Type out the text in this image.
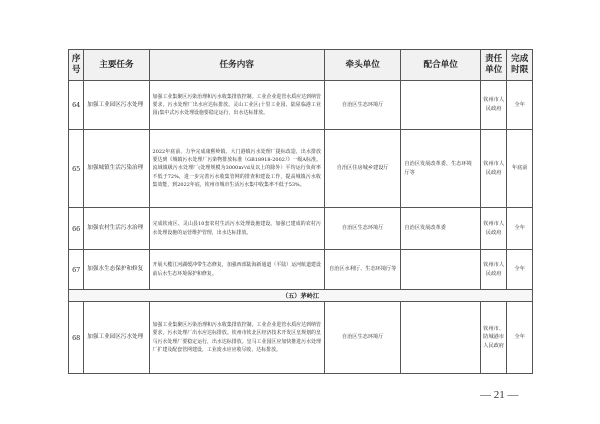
序号	主要任务	任务内容	牵头单位	配合单位	责任单位	完成时限
64	加强工业园区污水处理	加强工业集聚区污染治理和污水收集排放控制。工业企业进管水质应达到纳管要求，污水处理厂出水应达标排放。灵山工业区(十里工业园、陆屋临港工业园)集中式污水处理设施要稳定运行，出水达标排放。	自治区生态环境厅		钦州市人民政府	全年
65	加强城镇生活污染治理	2022年底前，力争完成康熙岭镇、大门港镇污水处理厂提标改造，出水排放要达到《城镇污水处理厂污染物排放标准（GB18918-2002）》一级A标准。流域镇级污水处理厂(处理规模为3000m³/d及以上的除外）平均运行负荷率不低于72%，进一步完善污水收集管网的排查和建设工作，提高城镇污水收集效能，到2022年底，钦州市城市生活污水集中收集率不低于53%。	自治区住房城乡建设厅	自治区发展改革委、生态环境厅等	钦州市人民政府	年底前
66	加强农村生活污水治理	完成钦南区、灵山县10套农村生活污水处理设施建设。加强已建成的农村污水处理设施的运营维护管理，出水达标排放。	自治区生态环境厅	自治区发展改革委	钦州市人民政府	全年
67	加强水生态保护和修复	开展大榄江河湖缓冲带生态修复，加强西部陆海新通道（平陆）运河航道建设前后水生态环境保护和修复。	自治区水利厅、生态环境厅等		钦州市人民政府	全年
（五）茅岭江						
68	加强工业园区污水处理	加强工业集聚区污染治理和污水收集排放控制。工业企业进管水质应达到纳管要求，污水处理厂出水应达标排放。钦州市钦北区经济技术开发区皇规划的皇马污水处理厂要稳定运行，出水达标排放。皇马工业园区应加快推进污水处理厂扩建及配套管网建设，工业废水应应收尽收，达标排放。	自治区生态环境厅		钦州市、防城港市人民政府	全年
— 21 —
